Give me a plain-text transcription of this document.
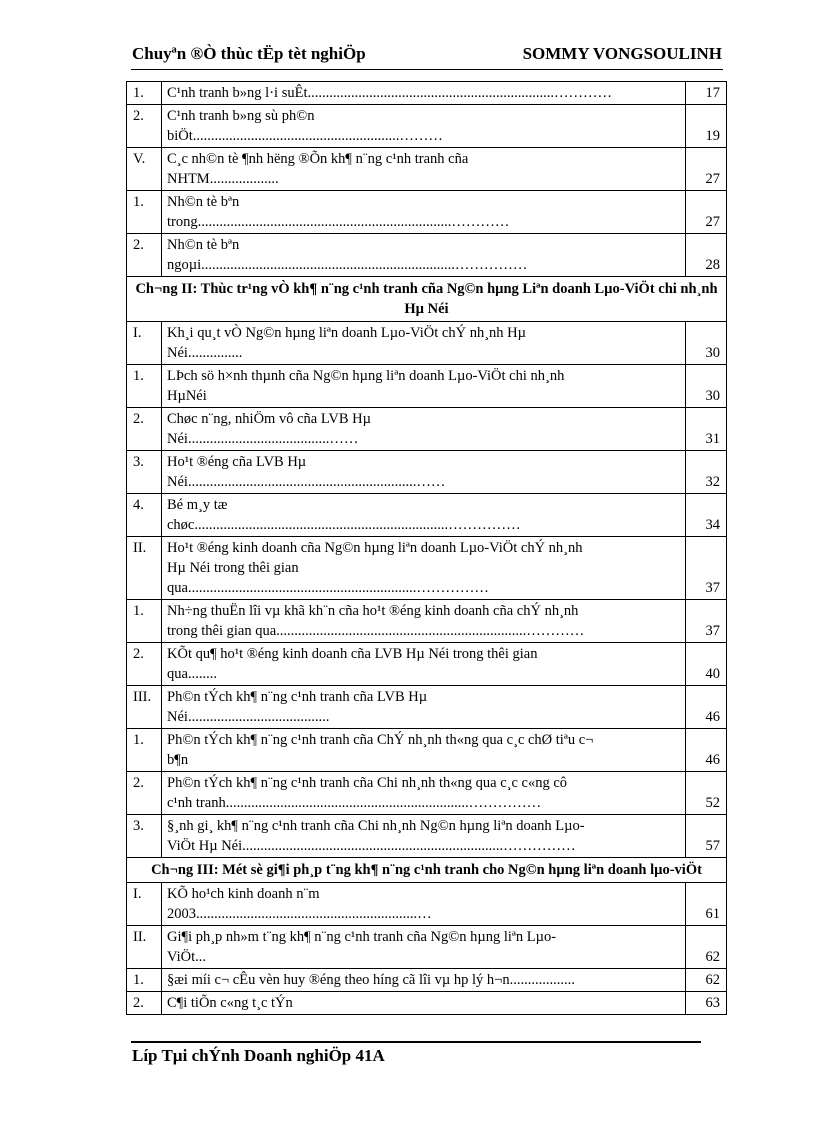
Chuyªn ®Ò thùc tËp tèt nghiÖp	SOMMY VONGSOULINH
1.	C¹nh tranh b»ng l·i suÊt....................................................................…………	17
2.	C¹nh tranh b»ng sù ph©n
biÖt.........................................................………	19
V.	C¸c nh©n tè ¶nh hëng ®Õn kh¶ n¨ng c¹nh tranh cña
NHTM...................	27
1.	Nh©n tè bªn
trong......................................................................…………	27
2.	Nh©n tè bªn
ngoµi......................................................................……………	28
Ch¬ng II: Thùc tr¹ng vÒ kh¶ n¨ng c¹nh tranh cña Ng©n hµng Liªn doanh Lµo-ViÖt chi nh¸nh Hµ Néi		
I.	Kh¸i qu¸t vÒ Ng©n hµng liªn doanh Lµo-ViÖt chÝ nh¸nh Hµ
Néi...............	30
1.	LÞch sö h×nh thµnh cña Ng©n hµng liªn doanh Lµo-ViÖt chi nh¸nh
HµNéi	30
2.	Chøc n¨ng, nhiÖm vô cña LVB Hµ
Néi.......................................……	31
3.	Ho¹t ®éng cña LVB Hµ
Néi...............................................................……	32
4.	Bé m¸y tæ
chøc......................................................................……………	34
II.	Ho¹t ®éng kinh doanh cña Ng©n hµng liªn doanh Lµo-ViÖt chÝ nh¸nh
Hµ Néi trong thêi gian
qua...............................................................……………	37
1.	Nh÷ng thuËn lîi vµ khã kh¨n cña ho¹t ®éng kinh doanh cña chÝ nh¸nh
trong thêi gian qua.....................................................................…………	37
2.	KÕt qu¶ ho¹t ®éng kinh doanh cña LVB Hµ Néi trong thêi gian
qua........	40
III.	Ph©n tÝch kh¶ n¨ng c¹nh tranh cña LVB Hµ
Néi.......................................	46
1.	Ph©n tÝch kh¶ n¨ng c¹nh tranh cña ChÝ nh¸nh th«ng qua c¸c chØ tiªu c¬
b¶n	46
2.	Ph©n tÝch kh¶ n¨ng c¹nh tranh cña Chi nh¸nh th«ng qua c¸c c«ng cô
c¹nh tranh...................................................................……………	52
3.	§¸nh gi¸ kh¶ n¨ng c¹nh tranh cña Chi nh¸nh Ng©n hµng liªn doanh Lµo-
ViÖt Hµ Néi........................................................................……………	57
Ch¬ng III: Mét sè gi¶i ph¸p t¨ng kh¶ n¨ng c¹nh tranh cho Ng©n hµng liªn doanh lµo-viÖt		
I.	KÕ ho¹ch kinh doanh n¨m
2003.............................................................…	61
II.	Gi¶i ph¸p nh»m t¨ng kh¶ n¨ng c¹nh tranh cña Ng©n hµng liªn Lµo-
ViÖt...	62
1.	§æi míi c¬ cÊu vèn huy ®éng theo híng cã lîi vµ hp lý h¬n..................	62
2.	C¶i tiÕn c«ng t¸c tÝn	63
Líp Tµi chÝnh Doanh nghiÖp 41A
